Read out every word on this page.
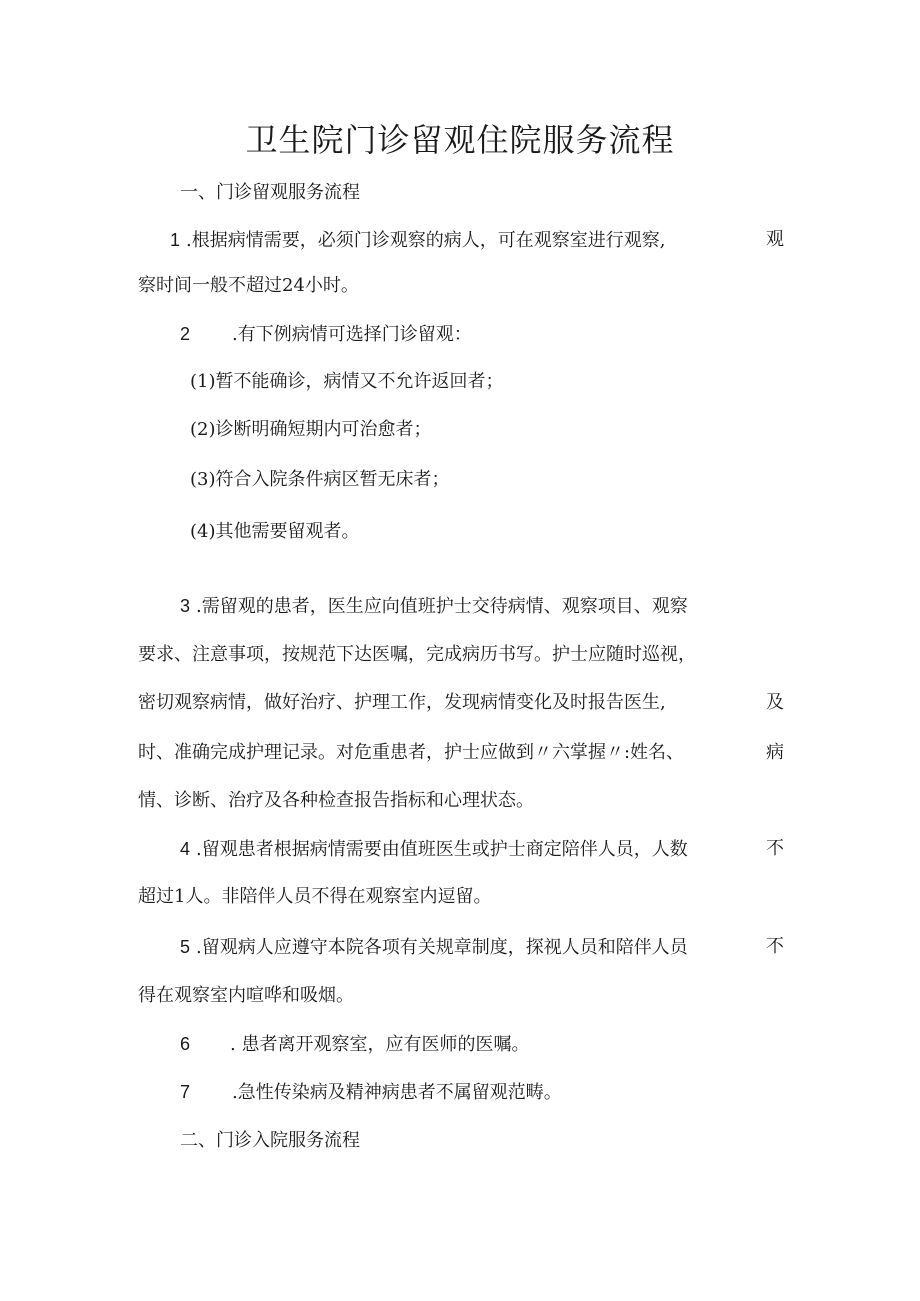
卫生院门诊留观住院服务流程
一、门诊留观服务流程
1 .根据病情需要，必须门诊观察的病人，可在观察室进行观察,	观
察时间一般不超过24小时。
2 .有下例病情可选择门诊留观：
(1)暂不能确诊，病情又不允许返回者；
(2)诊断明确短期内可治愈者；
(3)符合入院条件病区暂无床者；
(4)其他需要留观者。
3 .需留观的患者，医生应向值班护士交待病情、观察项目、观察
要求、注意事项，按规范下达医嘱，完成病历书写。护士应随时巡视，
密切观察病情，做好治疗、护理工作，发现病情变化及时报告医生,	及
时、准确完成护理记录。对危重患者，护士应做到〃六掌握〃:姓名、	病
情、诊断、治疗及各种检查报告指标和心理状态。
4 .留观患者根据病情需要由值班医生或护士商定陪伴人员，人数	不
超过1人。非陪伴人员不得在观察室内逗留。
5 .留观病人应遵守本院各项有关规章制度，探视人员和陪伴人员	不
得在观察室内喧哗和吸烟。
6 . 患者离开观察室，应有医师的医嘱。
7 .急性传染病及精神病患者不属留观范畴。
二、门诊入院服务流程
